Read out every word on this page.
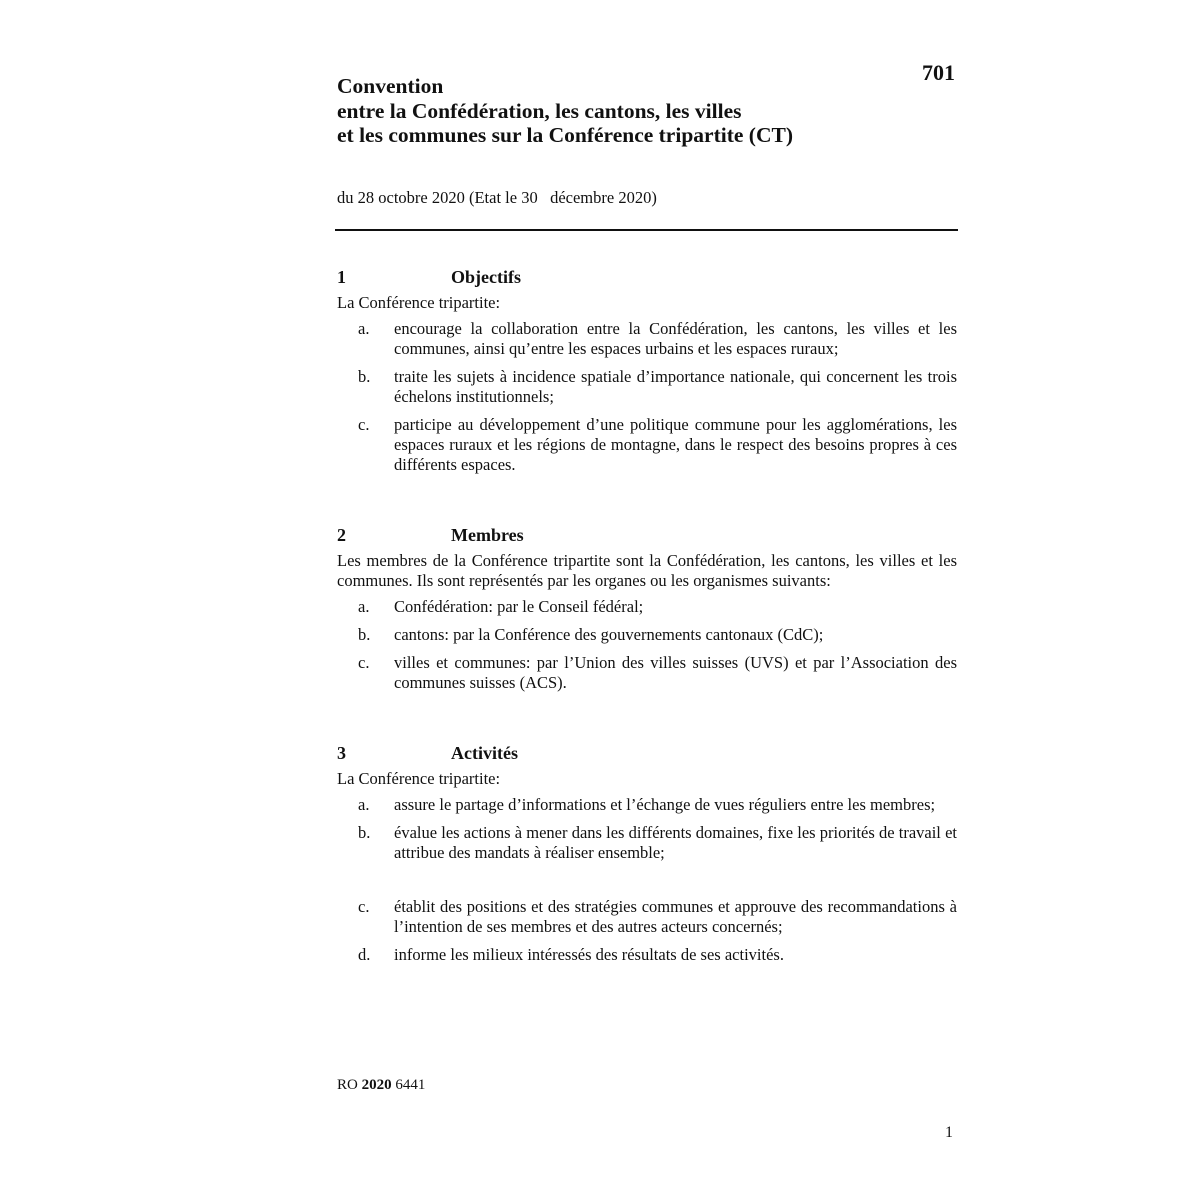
701
Convention
entre la Confédération, les cantons, les villes
et les communes sur la Conférence tripartite (CT)
du 28 octobre 2020 (Etat le 30   décembre 2020)
1	Objectifs
La Conférence tripartite:
a. encourage la collaboration entre la Confédération, les cantons, les villes et les communes, ainsi qu’entre les espaces urbains et les espaces ruraux;
b. traite les sujets à incidence spatiale d’importance nationale, qui concernent les trois échelons institutionnels;
c. participe au développement d’une politique commune pour les agglomérations, les espaces ruraux et les régions de montagne, dans le respect des besoins propres à ces différents espaces.
2	Membres
Les membres de la Conférence tripartite sont la Confédération, les cantons, les villes et les communes. Ils sont représentés par les organes ou les organismes suivants:
a. Confédération: par le Conseil fédéral;
b. cantons: par la Conférence des gouvernements cantonaux (CdC);
c. villes et communes: par l’Union des villes suisses (UVS) et par l’Association des communes suisses (ACS).
3	Activités
La Conférence tripartite:
a. assure le partage d’informations et l’échange de vues réguliers entre les membres;
b. évalue les actions à mener dans les différents domaines, fixe les priorités de travail et attribue des mandats à réaliser ensemble;
c. établit des positions et des stratégies communes et approuve des recommandations à l’intention de ses membres et des autres acteurs concernés;
d. informe les milieux intéressés des résultats de ses activités.
RO 2020 6441
1
